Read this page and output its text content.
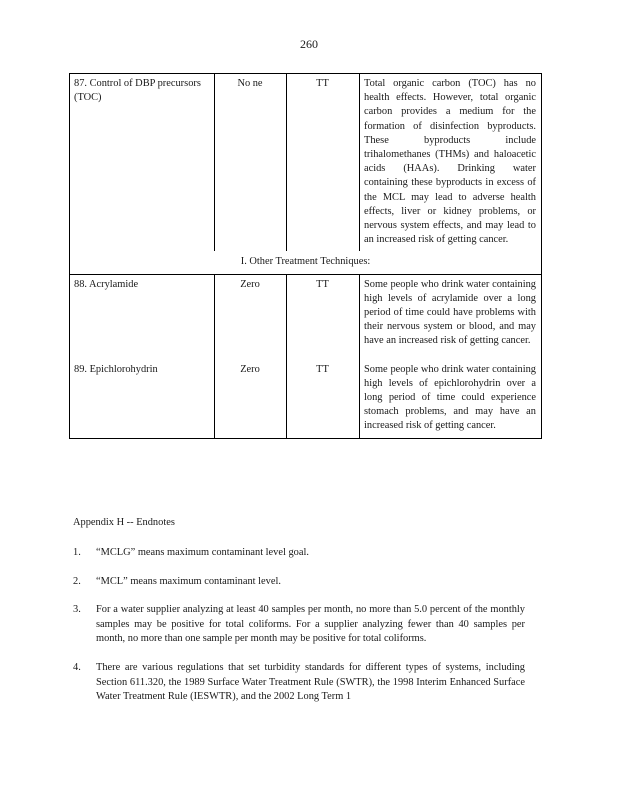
260
87. Control of DBP precursors (TOC)	No ne	TT	Total organic carbon (TOC) has no health effects. However, total organic carbon provides a medium for the formation of disinfection byproducts. These byproducts include trihalomethanes (THMs) and haloacetic acids (HAAs). Drinking water containing these byproducts in excess of the MCL may lead to adverse health effects, liver or kidney problems, or nervous system effects, and may lead to an increased risk of getting cancer.
I. Other Treatment Techniques:			
88. Acrylamide	Zero	TT	Some people who drink water containing high levels of acrylamide over a long period of time could have problems with their nervous system or blood, and may have an increased risk of getting cancer.
89. Epichlorohydrin	Zero	TT	Some people who drink water containing high levels of epichlorohydrin over a long period of time could experience stomach problems, and may have an increased risk of getting cancer.
Appendix H -- Endnotes
1. “MCLG” means maximum contaminant level goal.
2. “MCL” means maximum contaminant level.
3. For a water supplier analyzing at least 40 samples per month, no more than 5.0 percent of the monthly samples may be positive for total coliforms. For a supplier analyzing fewer than 40 samples per month, no more than one sample per month may be positive for total coliforms.
4. There are various regulations that set turbidity standards for different types of systems, including Section 611.320, the 1989 Surface Water Treatment Rule (SWTR), the 1998 Interim Enhanced Surface Water Treatment Rule (IESWTR), and the 2002 Long Term 1
